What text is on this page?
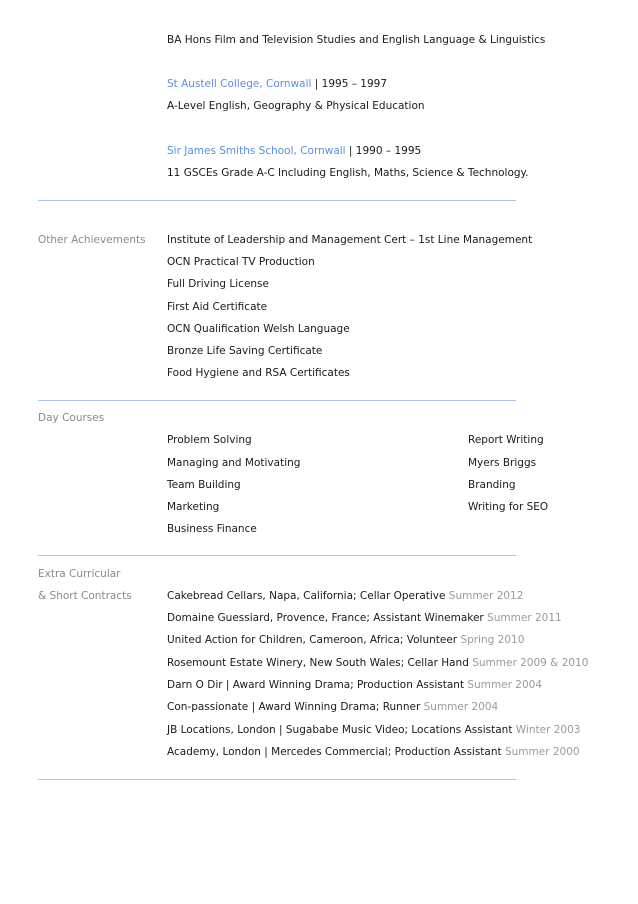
BA Hons Film and Television Studies and English Language & Linguistics
St Austell College, Cornwall | 1995 – 1997
A-Level English, Geography & Physical Education
Sir James Smiths School, Cornwall | 1990 – 1995
11 GSCEs Grade A-C Including English, Maths, Science & Technology.
Other Achievements Institute of Leadership and Management Cert – 1st Line Management
OCN Practical TV Production
Full Driving License
First Aid Certificate
OCN Qualification Welsh Language
Bronze Life Saving Certificate
Food Hygiene and RSA Certificates
Day Courses
Problem Solving
Managing and Motivating
Team Building
Marketing
Business Finance
Report Writing
Myers Briggs
Branding
Writing for SEO
Extra Curricular
& Short Contracts	Cakebread Cellars, Napa, California; Cellar Operative Summer 2012
Domaine Guessiard, Provence, France; Assistant Winemaker Summer 2011
United Action for Children, Cameroon, Africa; Volunteer Spring 2010
Rosemount Estate Winery, New South Wales; Cellar Hand Summer 2009 & 2010
Darn O Dir | Award Winning Drama; Production Assistant Summer 2004
Con-passionate | Award Winning Drama; Runner Summer 2004
JB Locations, London | Sugababe Music Video; Locations Assistant Winter 2003
Academy, London | Mercedes Commercial; Production Assistant Summer 2000
